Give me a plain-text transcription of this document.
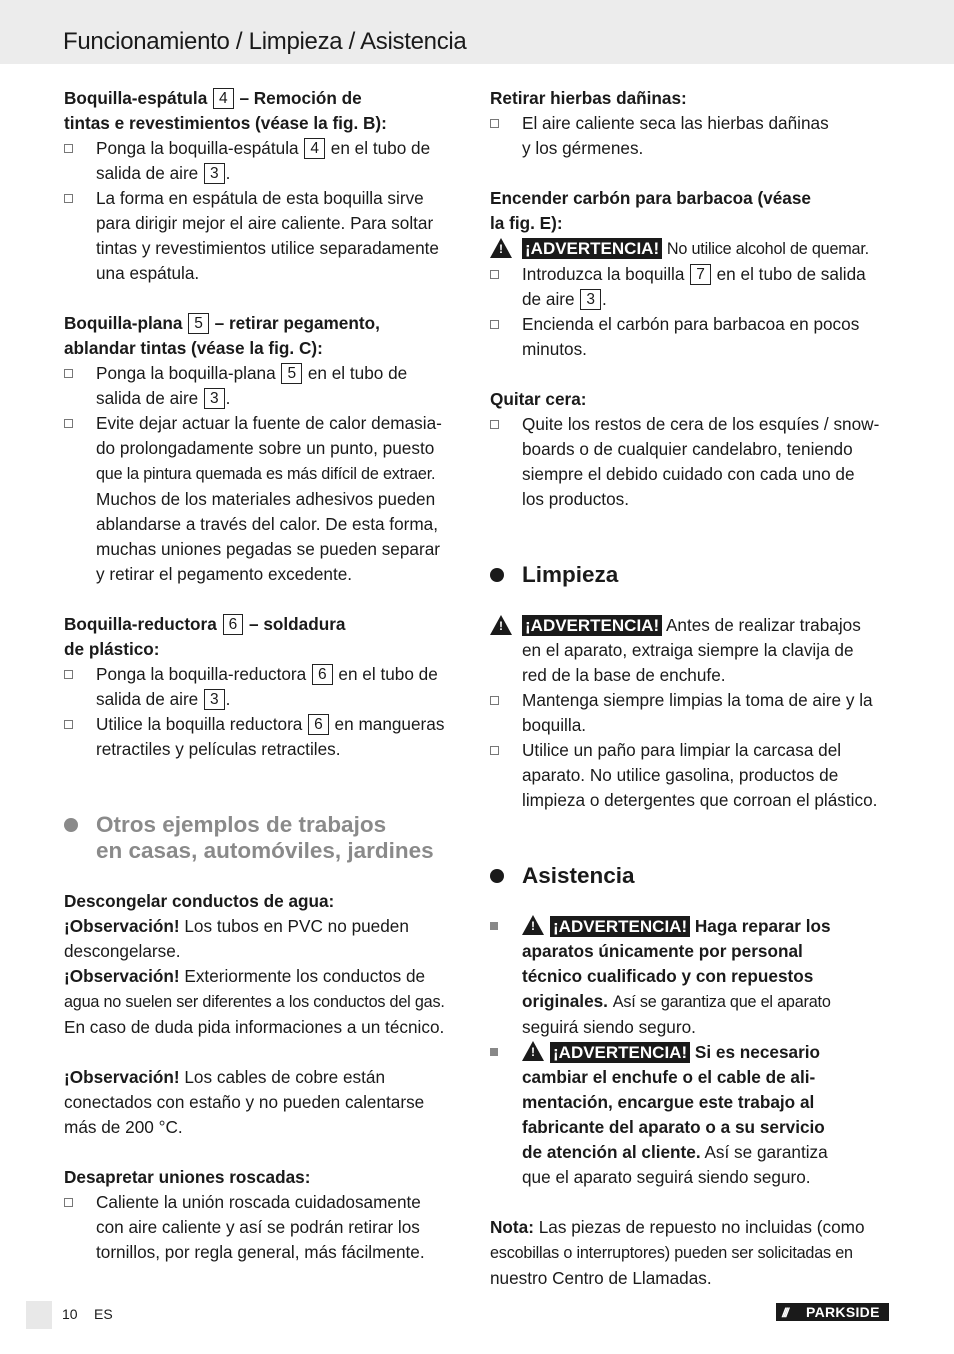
Funcionamiento / Limpieza / Asistencia
Boquilla-espátula 4 – Remoción de
tintas e revestimientos (véase la fig. B):
Ponga la boquilla-espátula 4 en el tubo de
salida de aire 3 .
La forma en espátula de esta boquilla sirve
para dirigir mejor el aire caliente. Para soltar
tintas y revestimientos utilice separadamente
una espátula.
Boquilla-plana 5 – retirar pegamento,
ablandar tintas (véase la fig. C):
Ponga la boquilla-plana 5 en el tubo de
salida de aire 3 .
Evite dejar actuar la fuente de calor demasia-
do prolongadamente sobre un punto, puesto
que la pintura quemada es más difícil de extraer.
Muchos de los materiales adhesivos pueden
ablandarse a través del calor. De esta forma,
muchas uniones pegadas se pueden separar
y retirar el pegamento excedente.
Boquilla-reductora 6 – soldadura
de plástico:
Ponga la boquilla-reductora 6 en el tubo de
salida de aire 3 .
Utilice la boquilla reductora 6 en mangueras
retractiles y películas retractiles.
Otros ejemplos de trabajos
en casas, automóviles, jardines
Descongelar conductos de agua:
¡Observación! Los tubos en PVC no pueden
descongelarse.
¡Observación! Exteriormente los conductos de
agua no suelen ser diferentes a los conductos del gas.
En caso de duda pida informaciones a un técnico.
¡Observación! Los cables de cobre están
conectados con estaño y no pueden calentarse
más de 200 °C.
Desapretar uniones roscadas:
Caliente la unión roscada cuidadosamente
con aire caliente y así se podrán retirar los
tornillos, por regla general, más fácilmente.
Retirar hierbas dañinas:
El aire caliente seca las hierbas dañinas
y los gérmenes.
Encender carbón para barbacoa (véase
la fig. E):
! ¡ADVERTENCIA! No utilice alcohol de quemar.
Introduzca la boquilla 7 en el tubo de salida
de aire 3 .
Encienda el carbón para barbacoa en pocos
minutos.
Quitar cera:
Quite los restos de cera de los esquíes / snow-
boards o de cualquier candelabro, teniendo
siempre el debido cuidado con cada uno de
los productos.
Limpieza
! ¡ADVERTENCIA! Antes de realizar trabajos
en el aparato, extraiga siempre la clavija de
red de la base de enchufe.
Mantenga siempre limpias la toma de aire y la
boquilla.
Utilice un paño para limpiar la carcasa del
aparato. No utilice gasolina, productos de
limpieza o detergentes que corroan el plástico.
Asistencia
! ¡ADVERTENCIA! Haga reparar los
aparatos únicamente por personal
técnico cualificado y con repuestos
originales. Así se garantiza que el aparato
seguirá siendo seguro.
! ¡ADVERTENCIA! Si es necesario
cambiar el enchufe o el cable de ali-
mentación, encargue este trabajo al
fabricante del aparato o a su servicio
de atención al cliente. Así se garantiza
que el aparato seguirá siendo seguro.
Nota: Las piezas de repuesto no incluidas (como
escobillas o interruptores) pueden ser solicitadas en
nuestro Centro de Llamadas.
10 ES	/// PARKSIDE
